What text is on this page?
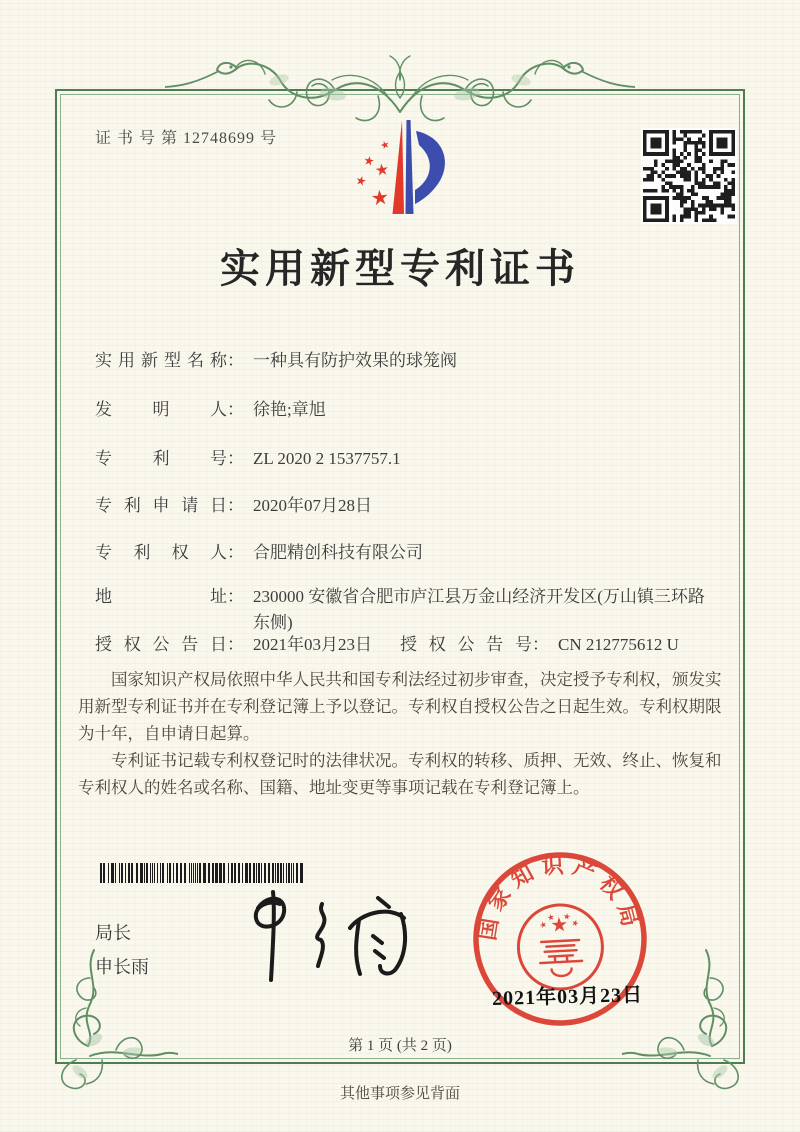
证 书 号 第 12748699 号
实用新型专利证书
实用新型名称： 一种具有防护效果的球笼阀
发明人： 徐艳;章旭
专利号： ZL 2020 2 1537757.1
专利申请日： 2020年07月28日
专利权人： 合肥精创科技有限公司
地址： 230000 安徽省合肥市庐江县万金山经济开发区(万山镇三环路东侧)
授权公告日： 2021年03月23日 授权公告号： CN 212775612 U

国家知识产权局依照中华人民共和国专利法经过初步审查，决定授予专利权，颁发实用新型专利证书并在专利登记簿上予以登记。专利权自授权公告之日起生效。专利权期限为十年，自申请日起算。

专利证书记载专利权登记时的法律状况。专利权的转移、质押、无效、终止、恢复和专利权人的姓名或名称、国籍、地址变更等事项记载在专利登记簿上。

局长
申长雨
国家知识产权局
2021年03月23日
第 1 页 (共 2 页)
其他事项参见背面
